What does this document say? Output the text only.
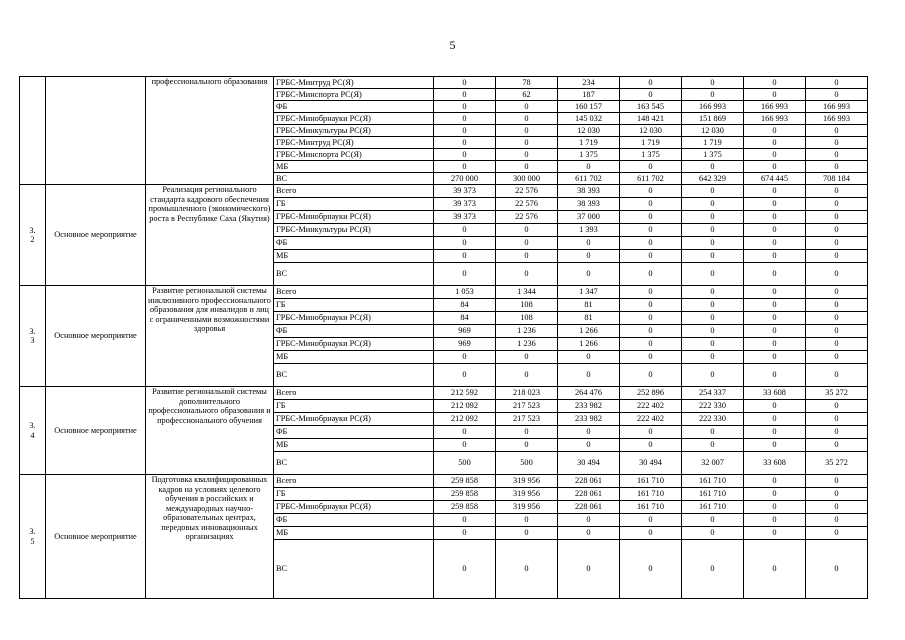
5
		профессионального образования	ГРБС-Минтруд РС(Я)	0	78	234	0	0	0	0
			ГРБС-Минспорта РС(Я)	0	62	187	0	0	0	0
			ФБ	0	0	160 157	163 545	166 993	166 993	166 993
			ГРБС-Минобрнауки РС(Я)	0	0	145 032	148 421	151 869	166 993	166 993
			ГРБС-Минкультуры РС(Я)	0	0	12 030	12 030	12 030	0	0
			ГРБС-Минтруд РС(Я)	0	0	1 719	1 719	1 719	0	0
			ГРБС-Минспорта РС(Я)	0	0	1 375	1 375	1 375	0	0
			МБ	0	0	0	0	0	0	0
			ВС	270 000	300 000	611 702	611 702	642 329	674 445	708 184
3.
2	Основное мероприятие	Реализация регионального стандарта кадрового обеспечения промышленного (экономического) роста в Республике Саха (Якутия)	Всего	39 373	22 576	38 393	0	0	0	0
			ГБ	39 373	22 576	38 393	0	0	0	0
			ГРБС-Минобрнауки РС(Я)	39 373	22 576	37 000	0	0	0	0
			ГРБС-Минкультуры РС(Я)	0	0	1 393	0	0	0	0
			ФБ	0	0	0	0	0	0	0
			МБ	0	0	0	0	0	0	0
			ВС	0	0	0	0	0	0	0
3.
3	Основное мероприятие	Развитие региональной системы инклюзивного профессионального образования для инвалидов и лиц с ограниченными возможностями здоровья	Всего	1 053	1 344	1 347	0	0	0	0
			ГБ	84	108	81	0	0	0	0
			ГРБС-Минобрнауки РС(Я)	84	108	81	0	0	0	0
			ФБ	969	1 236	1 266	0	0	0	0
			ГРБС-Минобрнауки РС(Я)	969	1 236	1 266	0	0	0	0
			МБ	0	0	0	0	0	0	0
			ВС	0	0	0	0	0	0	0
3.
4	Основное мероприятие	Развитие региональной системы дополнительного профессионального образования и профессионального обучения	Всего	212 592	218 023	264 476	252 896	254 337	33 608	35 272
			ГБ	212 092	217 523	233 982	222 402	222 330	0	0
			ГРБС-Минобрнауки РС(Я)	212 092	217 523	233 982	222 402	222 330	0	0
			ФБ	0	0	0	0	0	0	0
			МБ	0	0	0	0	0	0	0
			ВС	500	500	30 494	30 494	32 007	33 608	35 272
3.
5	Основное мероприятие	Подготовка квалифицированных кадров на условиях целевого обучения в российских и международных научно-образовательных центрах, передовых инновационных организациях	Всего	259 858	319 956	228 061	161 710	161 710	0	0
			ГБ	259 858	319 956	228 061	161 710	161 710	0	0
			ГРБС-Минобрнауки РС(Я)	259 858	319 956	228 061	161 710	161 710	0	0
			ФБ	0	0	0	0	0	0	0
			МБ	0	0	0	0	0	0	0
			ВС	0	0	0	0	0	0	0
